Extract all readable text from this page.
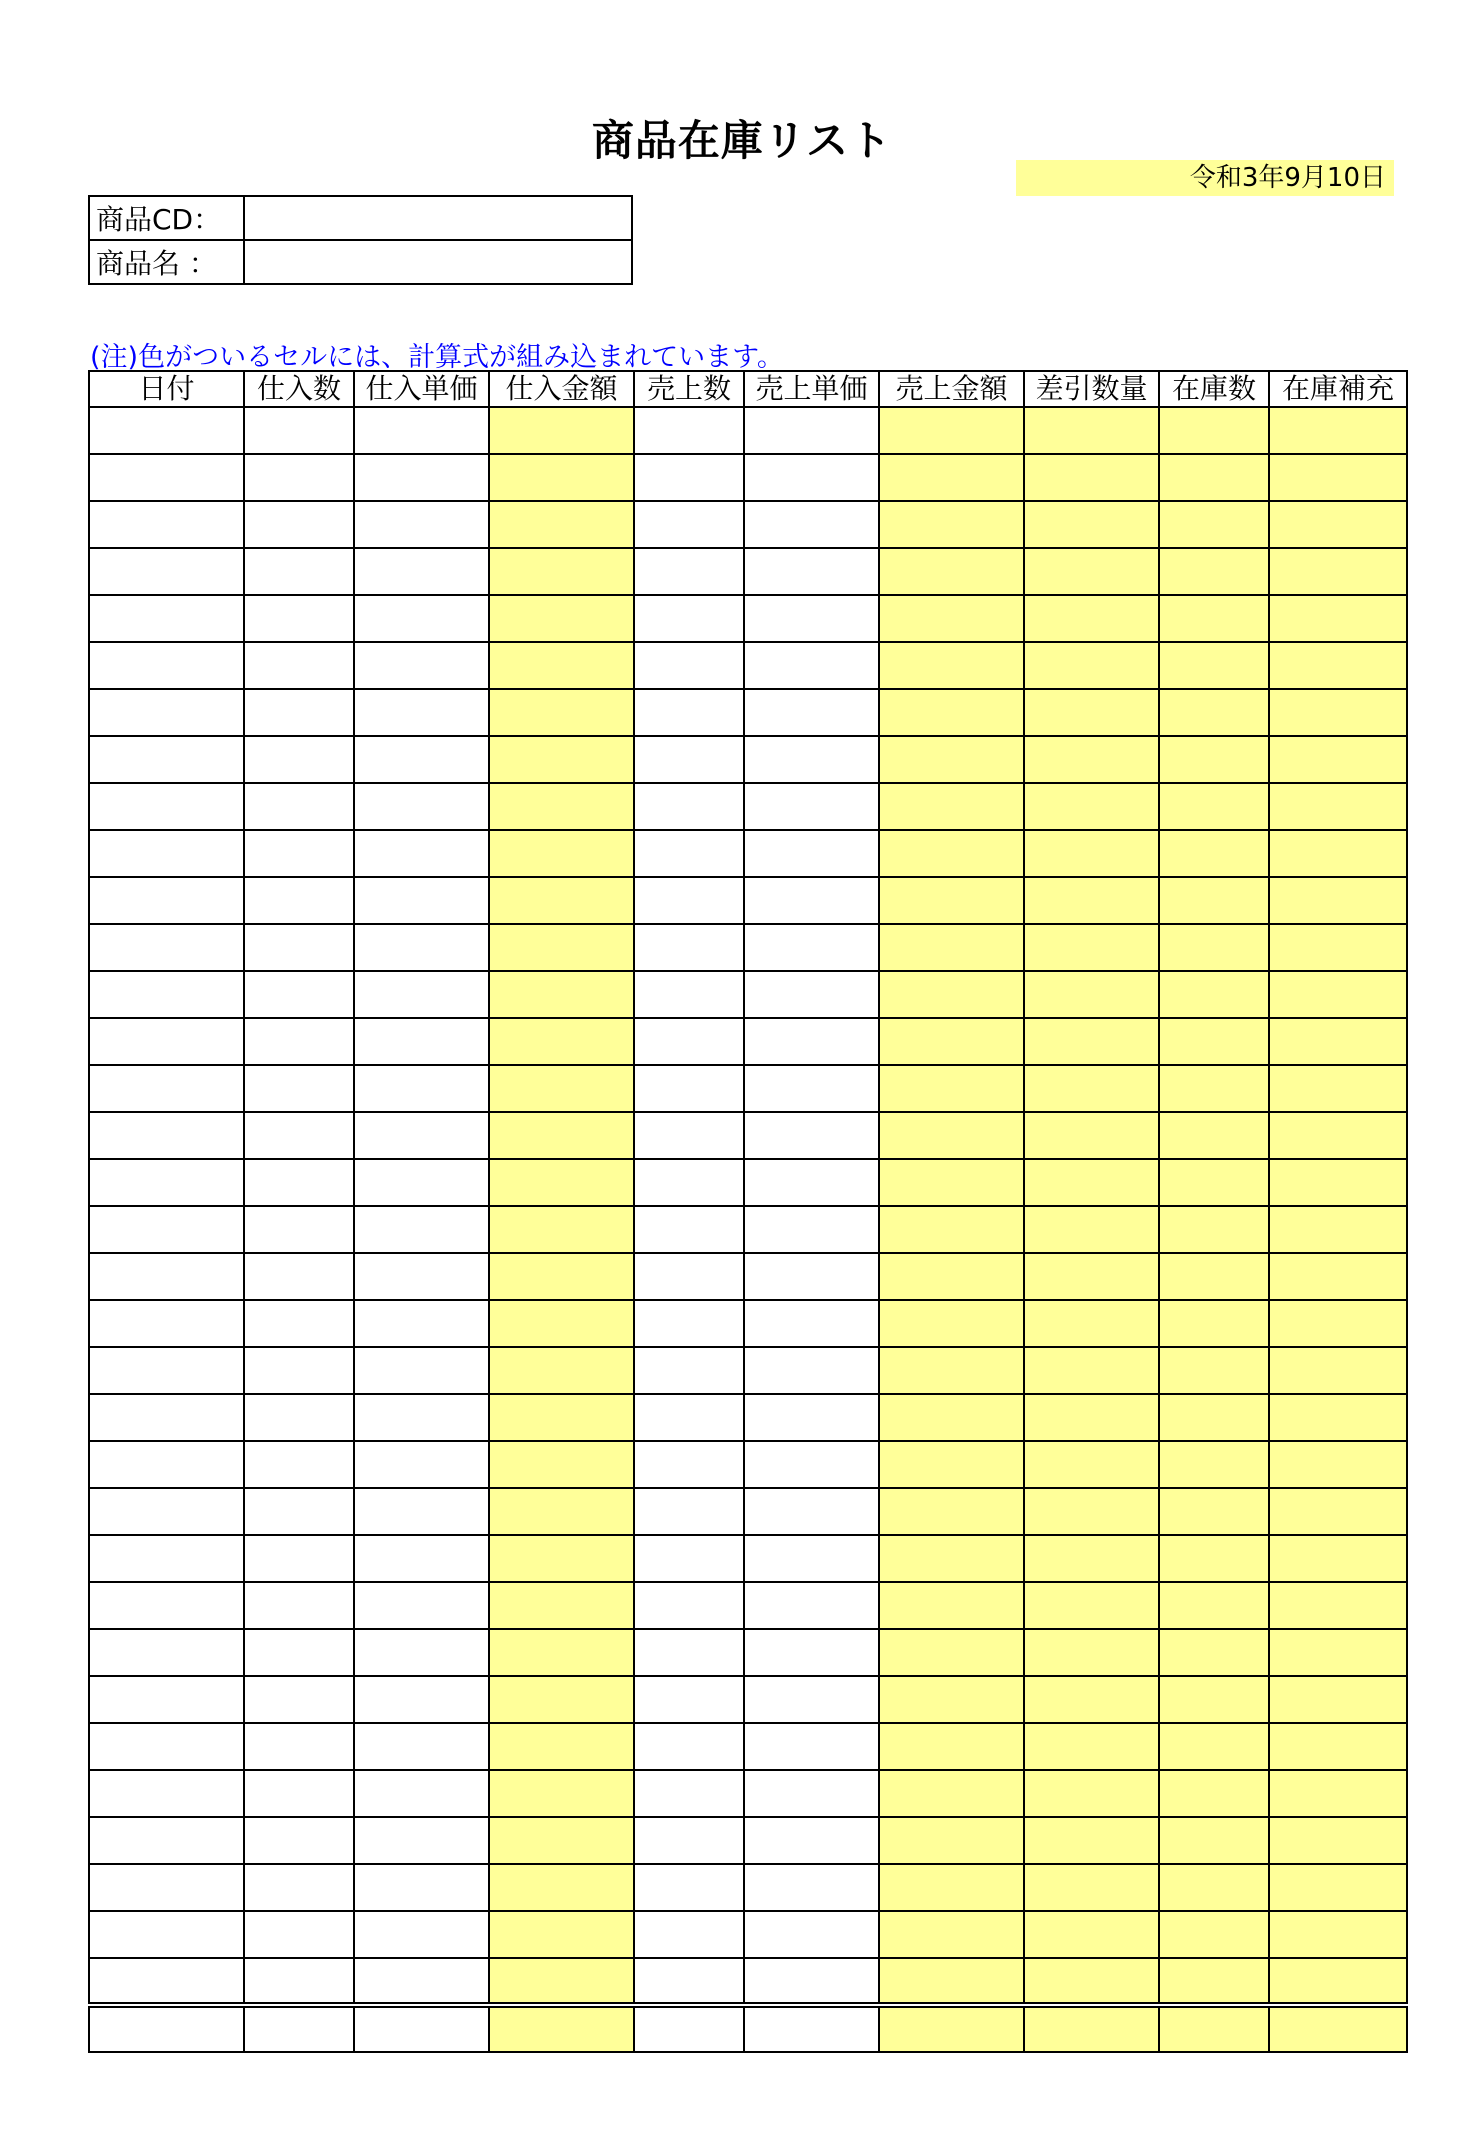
商品在庫リスト
令和3年9月10日
商品CD：	
商品名 ：	
(注)色がついるセルには、計算式が組み込まれています。
日付	仕入数	仕入単価	仕入金額	売上数	売上単価	売上金額	差引数量	在庫数	在庫補充
